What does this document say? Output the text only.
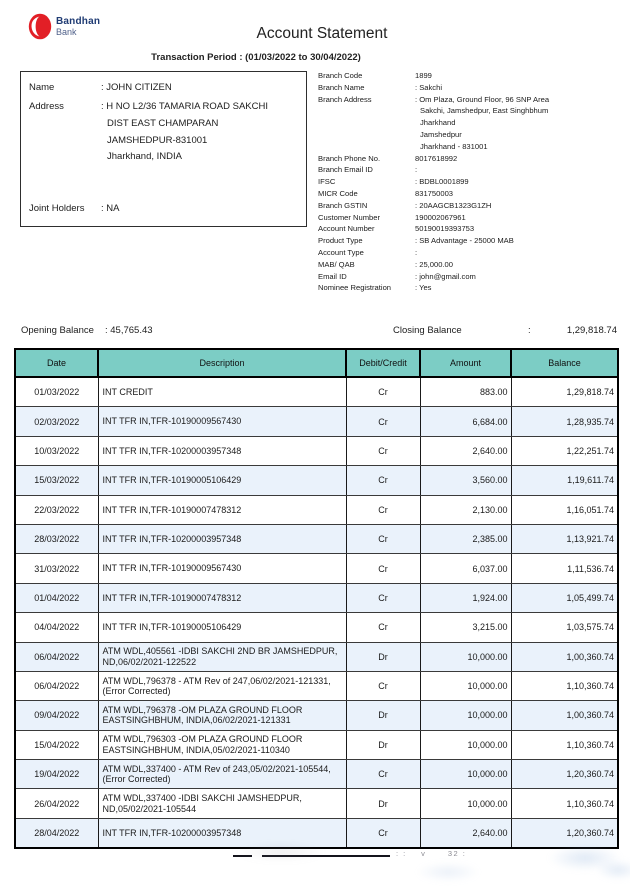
Bandhan
Bank	Account Statement
Transaction Period : (01/03/2022 to 30/04/2022)
Name	: JOHN CITIZEN
Address	: H NO L2/36 TAMARIA ROAD SAKCHI
DIST EAST CHAMPARAN
JAMSHEDPUR-831001
Jharkhand, INDIA
Joint Holders	: NA
Branch Code	1899
Branch Name	: Sakchi
Branch Address	: Om Plaza, Ground Floor, 96 SNP Area
Sakchi, Jamshedpur, East Singhbhum
Jharkhand
Jamshedpur
Jharkhand - 831001
Branch Phone No.	8017618992
Branch Email ID	:
IFSC	: BDBL0001899
MICR Code	831750003
Branch GSTIN	: 20AAGCB1323G1ZH
Customer Number	190002067961
Account Number	50190019393753
Product Type	: SB Advantage - 25000 MAB
Account Type	:
MAB/ QAB	: 25,000.00
Email ID	: john@gmail.com
Nominee Registration	: Yes
Opening Balance : 45,765.43	Closing Balance	:	1,29,818.74
Date	Description	Debit/Credit	Amount	Balance
01/03/2022	INT CREDIT	Cr	883.00	1,29,818.74
02/03/2022	INT TFR IN,TFR-10190009567430	Cr	6,684.00	1,28,935.74
10/03/2022	INT TFR IN,TFR-10200003957348	Cr	2,640.00	1,22,251.74
15/03/2022	INT TFR IN,TFR-10190005106429	Cr	3,560.00	1,19,611.74
22/03/2022	INT TFR IN,TFR-10190007478312	Cr	2,130.00	1,16,051.74
28/03/2022	INT TFR IN,TFR-10200003957348	Cr	2,385.00	1,13,921.74
31/03/2022	INT TFR IN,TFR-10190009567430	Cr	6,037.00	1,11,536.74
01/04/2022	INT TFR IN,TFR-10190007478312	Cr	1,924.00	1,05,499.74
04/04/2022	INT TFR IN,TFR-10190005106429	Cr	3,215.00	1,03,575.74
06/04/2022	ATM WDL,405561 -IDBI SAKCHI 2ND BR JAMSHEDPUR, ND,06/02/2021-122522	Dr	10,000.00	1,00,360.74
06/04/2022	ATM WDL,796378 - ATM Rev of 247,06/02/2021-121331, (Error Corrected)	Cr	10,000.00	1,10,360.74
09/04/2022	ATM WDL,796378 -OM PLAZA GROUND FLOOR EASTSINGHBHUM, INDIA,06/02/2021-121331	Dr	10,000.00	1,00,360.74
15/04/2022	ATM WDL,796303 -OM PLAZA GROUND FLOOR EASTSINGHBHUM, INDIA,05/02/2021-110340	Dr	10,000.00	1,10,360.74
19/04/2022	ATM WDL,337400 - ATM Rev of 243,05/02/2021-105544, (Error Corrected)	Cr	10,000.00	1,20,360.74
26/04/2022	ATM WDL,337400 -IDBI SAKCHI JAMSHEDPUR, ND,05/02/2021-105544	Dr	10,000.00	1,10,360.74
28/04/2022	INT TFR IN,TFR-10200003957348	Cr	2,640.00	1,20,360.74
: :    v      32 :
